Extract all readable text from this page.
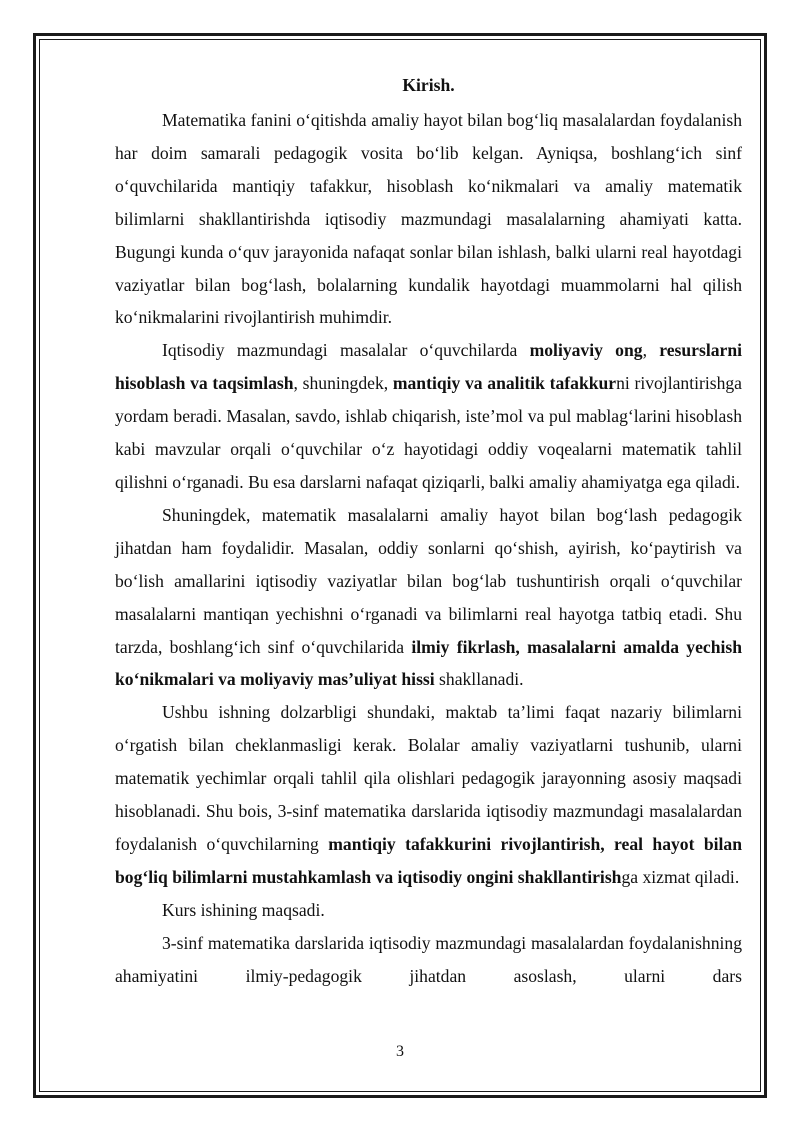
Kirish.

Matematika fanini o‘qitishda amaliy hayot bilan bog‘liq masalalardan foydalanish har doim samarali pedagogik vosita bo‘lib kelgan. Ayniqsa, boshlang‘ich sinf o‘quvchilarida mantiqiy tafakkur, hisoblash ko‘nikmalari va amaliy matematik bilimlarni shakllantirishda iqtisodiy mazmundagi masalalarning ahamiyati katta. Bugungi kunda o‘quv jarayonida nafaqat sonlar bilan ishlash, balki ularni real hayotdagi vaziyatlar bilan bog‘lash, bolalarning kundalik hayotdagi muammolarni hal qilish ko‘nikmalarini rivojlantirish muhimdir.

Iqtisodiy mazmundagi masalalar o‘quvchilarda moliyaviy ong, resurslarni hisoblash va taqsimlash, shuningdek, mantiqiy va analitik tafakkurni rivojlantirishga yordam beradi. Masalan, savdo, ishlab chiqarish, iste’mol va pul mablag‘larini hisoblash kabi mavzular orqali o‘quvchilar o‘z hayotidagi oddiy voqealarni matematik tahlil qilishni o‘rganadi. Bu esa darslarni nafaqat qiziqarli, balki amaliy ahamiyatga ega qiladi.

Shuningdek, matematik masalalarni amaliy hayot bilan bog‘lash pedagogik jihatdan ham foydalidir. Masalan, oddiy sonlarni qo‘shish, ayirish, ko‘paytirish va bo‘lish amallarini iqtisodiy vaziyatlar bilan bog‘lab tushuntirish orqali o‘quvchilar masalalarni mantiqan yechishni o‘rganadi va bilimlarni real hayotga tatbiq etadi. Shu tarzda, boshlang‘ich sinf o‘quvchilarida ilmiy fikrlash, masalalarni amalda yechish ko‘nikmalari va moliyaviy mas’uliyat hissi shakllanadi.

Ushbu ishning dolzarbligi shundaki, maktab ta’limi faqat nazariy bilimlarni o‘rgatish bilan cheklanmasligi kerak. Bolalar amaliy vaziyatlarni tushunib, ularni matematik yechimlar orqali tahlil qila olishlari pedagogik jarayonning asosiy maqsadi hisoblanadi. Shu bois, 3-sinf matematika darslarida iqtisodiy mazmundagi masalalardan foydalanish o‘quvchilarning mantiqiy tafakkurini rivojlantirish, real hayot bilan bog‘liq bilimlarni mustahkamlash va iqtisodiy ongini shakllantirishga xizmat qiladi.

Kurs ishining maqsadi.

3-sinf matematika darslarida iqtisodiy mazmundagi masalalardan foydalanishning ahamiyatini ilmiy-pedagogik jihatdan asoslash, ularni dars

3
